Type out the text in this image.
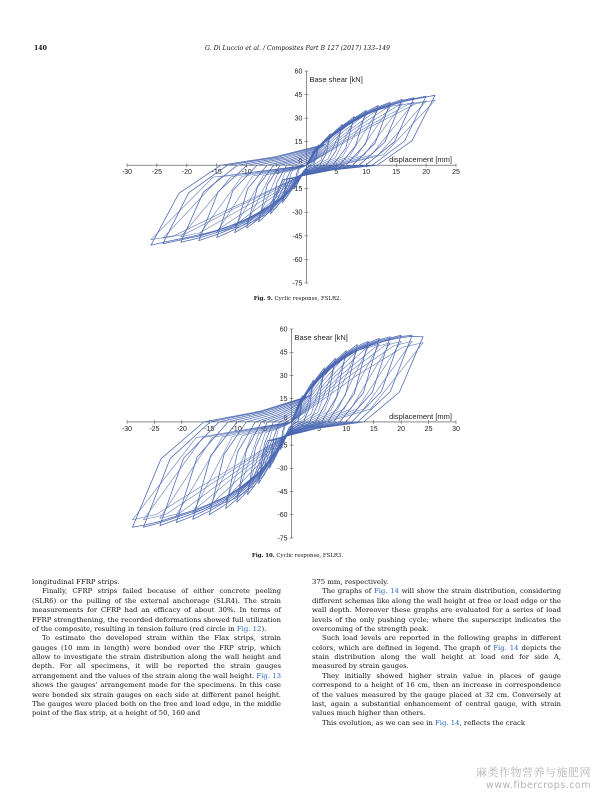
140	G. Di Luccio et al. / Composites Part B 127 (2017) 133–149
-30	-25	-20	-15	-10	-5	0	5	10	15	20	25
-75
-60
-45
-30
-15
15
30
45
60
0
Base shear [kN]
displacement [mm]
Fig. 9. Cyclic response, FSLR2.
-30 -25 -20 -15 -10	-5	0	5	10	15	20	25	30
-75
-60
-45
-30
-15
15
30
45
60
0
Base shear [kN]
displacement [mm]
Fig. 10. Cyclic response, FSLR3.

longitudinal FFRP strips.

Finally, CFRP strips failed because of either concrete peeling (SLR6) or the pulling of the external anchorage (SLR4). The strain measurements for CFRP had an efficacy of about 30%. In terms of FFRP strengthening, the recorded deformations showed full utilization of the composite, resulting in tension failure (red circle in Fig. 12).

To estimate the developed strain within the Flax strips, strain gauges (10 mm in length) were bonded over the FRP strip, which allow to investigate the strain distribution along the wall height and depth. For all specimens, it will be reported the strain gauges arrangement and the values of the strain along the wall height. Fig. 13 shows the gauges' arrangement made for the specimens. In this case were bonded six strain gauges on each side at different panel height. The gauges were placed both on the free and load edge, in the middle point of the flax strip, at a height of 50, 160 and

375 mm, respectively.

The graphs of Fig. 14 will show the strain distribution, considering different schemas like along the wall height at free or load edge or the wall depth. Moreover these graphs are evaluated for a series of load levels of the only pushing cycle; where the superscript indicates the overcoming of the strength peak.

Such load levels are reported in the following graphs in different colors, which are defined in legend. The graph of Fig. 14 depicts the stain distribution along the wall height at load end for side A, measured by strain gauges.

They initially showed higher strain value in places of gauge correspond to a height of 16 cm, then an increase in correspondence of the values measured by the gauge placed at 32 cm. Conversely at last, again a substantial enhancement of central gauge, with strain values much higher than others.

This evolution, as we can see in Fig. 14, reflects the crack

麻类作物营养与施肥网
www.fibercrops.com
